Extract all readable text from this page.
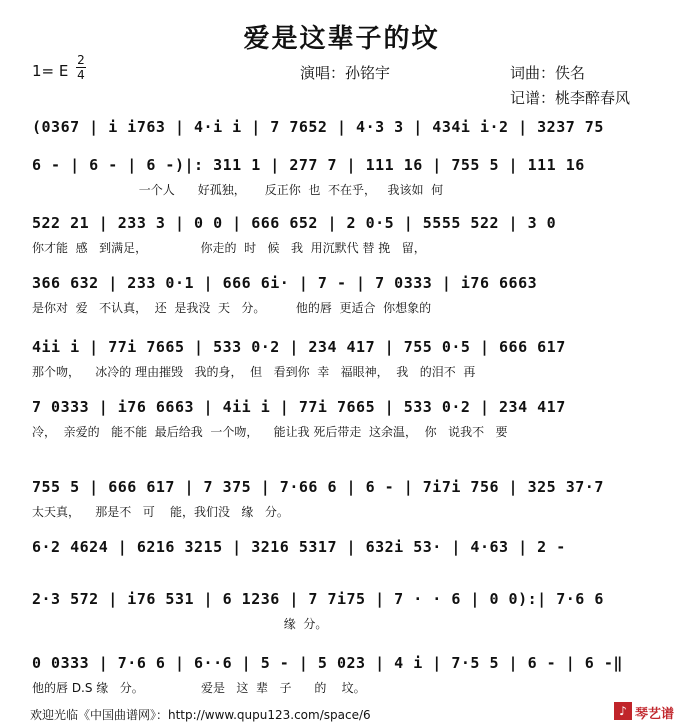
爱是这辈子的坟
1= E
2
4	演唱：孙铭宇	词曲：佚名
记谱：桃李醉春风
(0367 | i i763 | 4·i i | 7 7652 | 4·3 3 | 434i i·2 | 3237 75
6 - | 6 - | 6 -)|: 311 1 | 277 7 | 111 16 | 755 5 | 111 16
一个人      好孤独，     反正你  也  不在乎，   我该如  何
522 21 | 233 3 | 0 0 | 666 652 | 2 0·5 | 5555 522 | 3 0
你才能  感   到满足，              你走的  时   候   我  用沉默代 替 挽   留，
366 632 | 233 0·1 | 666 6i· | 7 - | 7 0333 | i76 6663
是你对  爱   不认真，  还  是我没  天   分。        他的唇  更适合  你想象的
4ii i | 77i 7665 | 533 0·2 | 234 417 | 755 0·5 | 666 617
那个吻，    冰冷的 理由摧毁   我的身，  但   看到你  幸   福眼神，  我   的泪不  再
7 0333 | i76 6663 | 4ii i | 77i 7665 | 533 0·2 | 234 417
冷，  亲爱的   能不能  最后给我  一个吻，    能让我 死后带走  这余温，  你   说我不   要
755 5 | 666 617 | 7 375 | 7·66 6 | 6 - | 7i7i 756 | 325 37·7
太天真，    那是不   可    能，我们没   缘   分。
6·2 4624 | 6216 3215 | 3216 5317 | 632i 53· | 4·63 | 2 -
2·3 572 | i76 531 | 6 1236 | 7 7i75 | 7 · · 6 | 0 0):| 7·6 6
缘  分。
0 0333 | 7·6 6 | 6··6 | 5 - | 5 023 | 4 i | 7·5 5 | 6 - | 6 -‖
他的唇 D.S 缘   分。               爱是   这  辈   子      的    坟。
欢迎光临《中国曲谱网》：http://www.qupu123.com/space/6	♪ 琴艺谱
